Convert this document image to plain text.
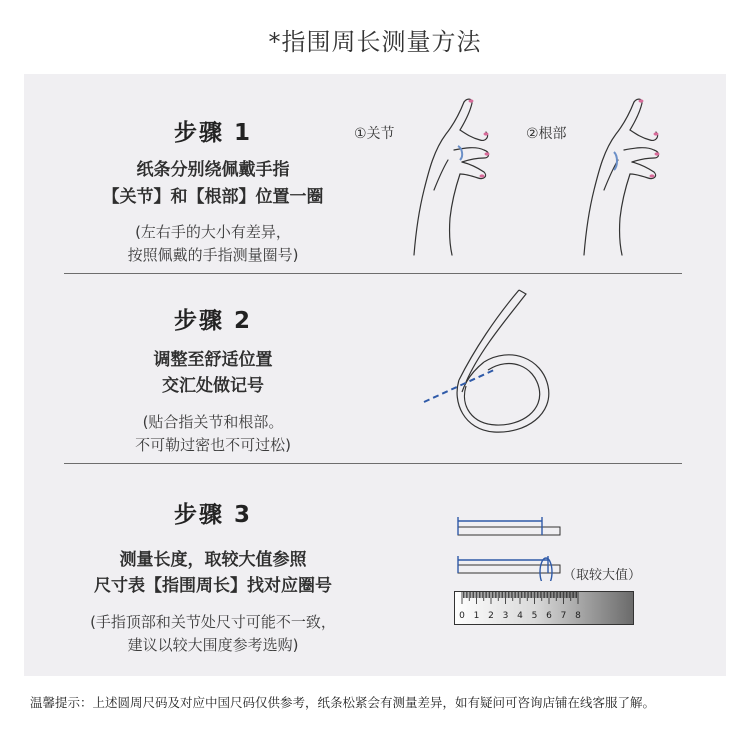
*指围周长测量方法
步骤 1
纸条分别绕佩戴手指
【关节】和【根部】位置一圈
(左右手的大小有差异，
按照佩戴的手指测量圈号)
①关节	②根部
步骤 2
调整至舒适位置
交汇处做记号
(贴合指关节和根部。
不可勒过密也不可过松)
步骤 3
测量长度，取较大值参照
尺寸表【指围周长】找对应圈号
(手指顶部和关节处尺寸可能不一致，
建议以较大围度参考选购)
（取较大值）
0 1 2 3 4 5 6 7 8
温馨提示：上述圆周尺码及对应中国尺码仅供参考，纸条松紧会有测量差异，如有疑问可咨询店铺在线客服了解。
